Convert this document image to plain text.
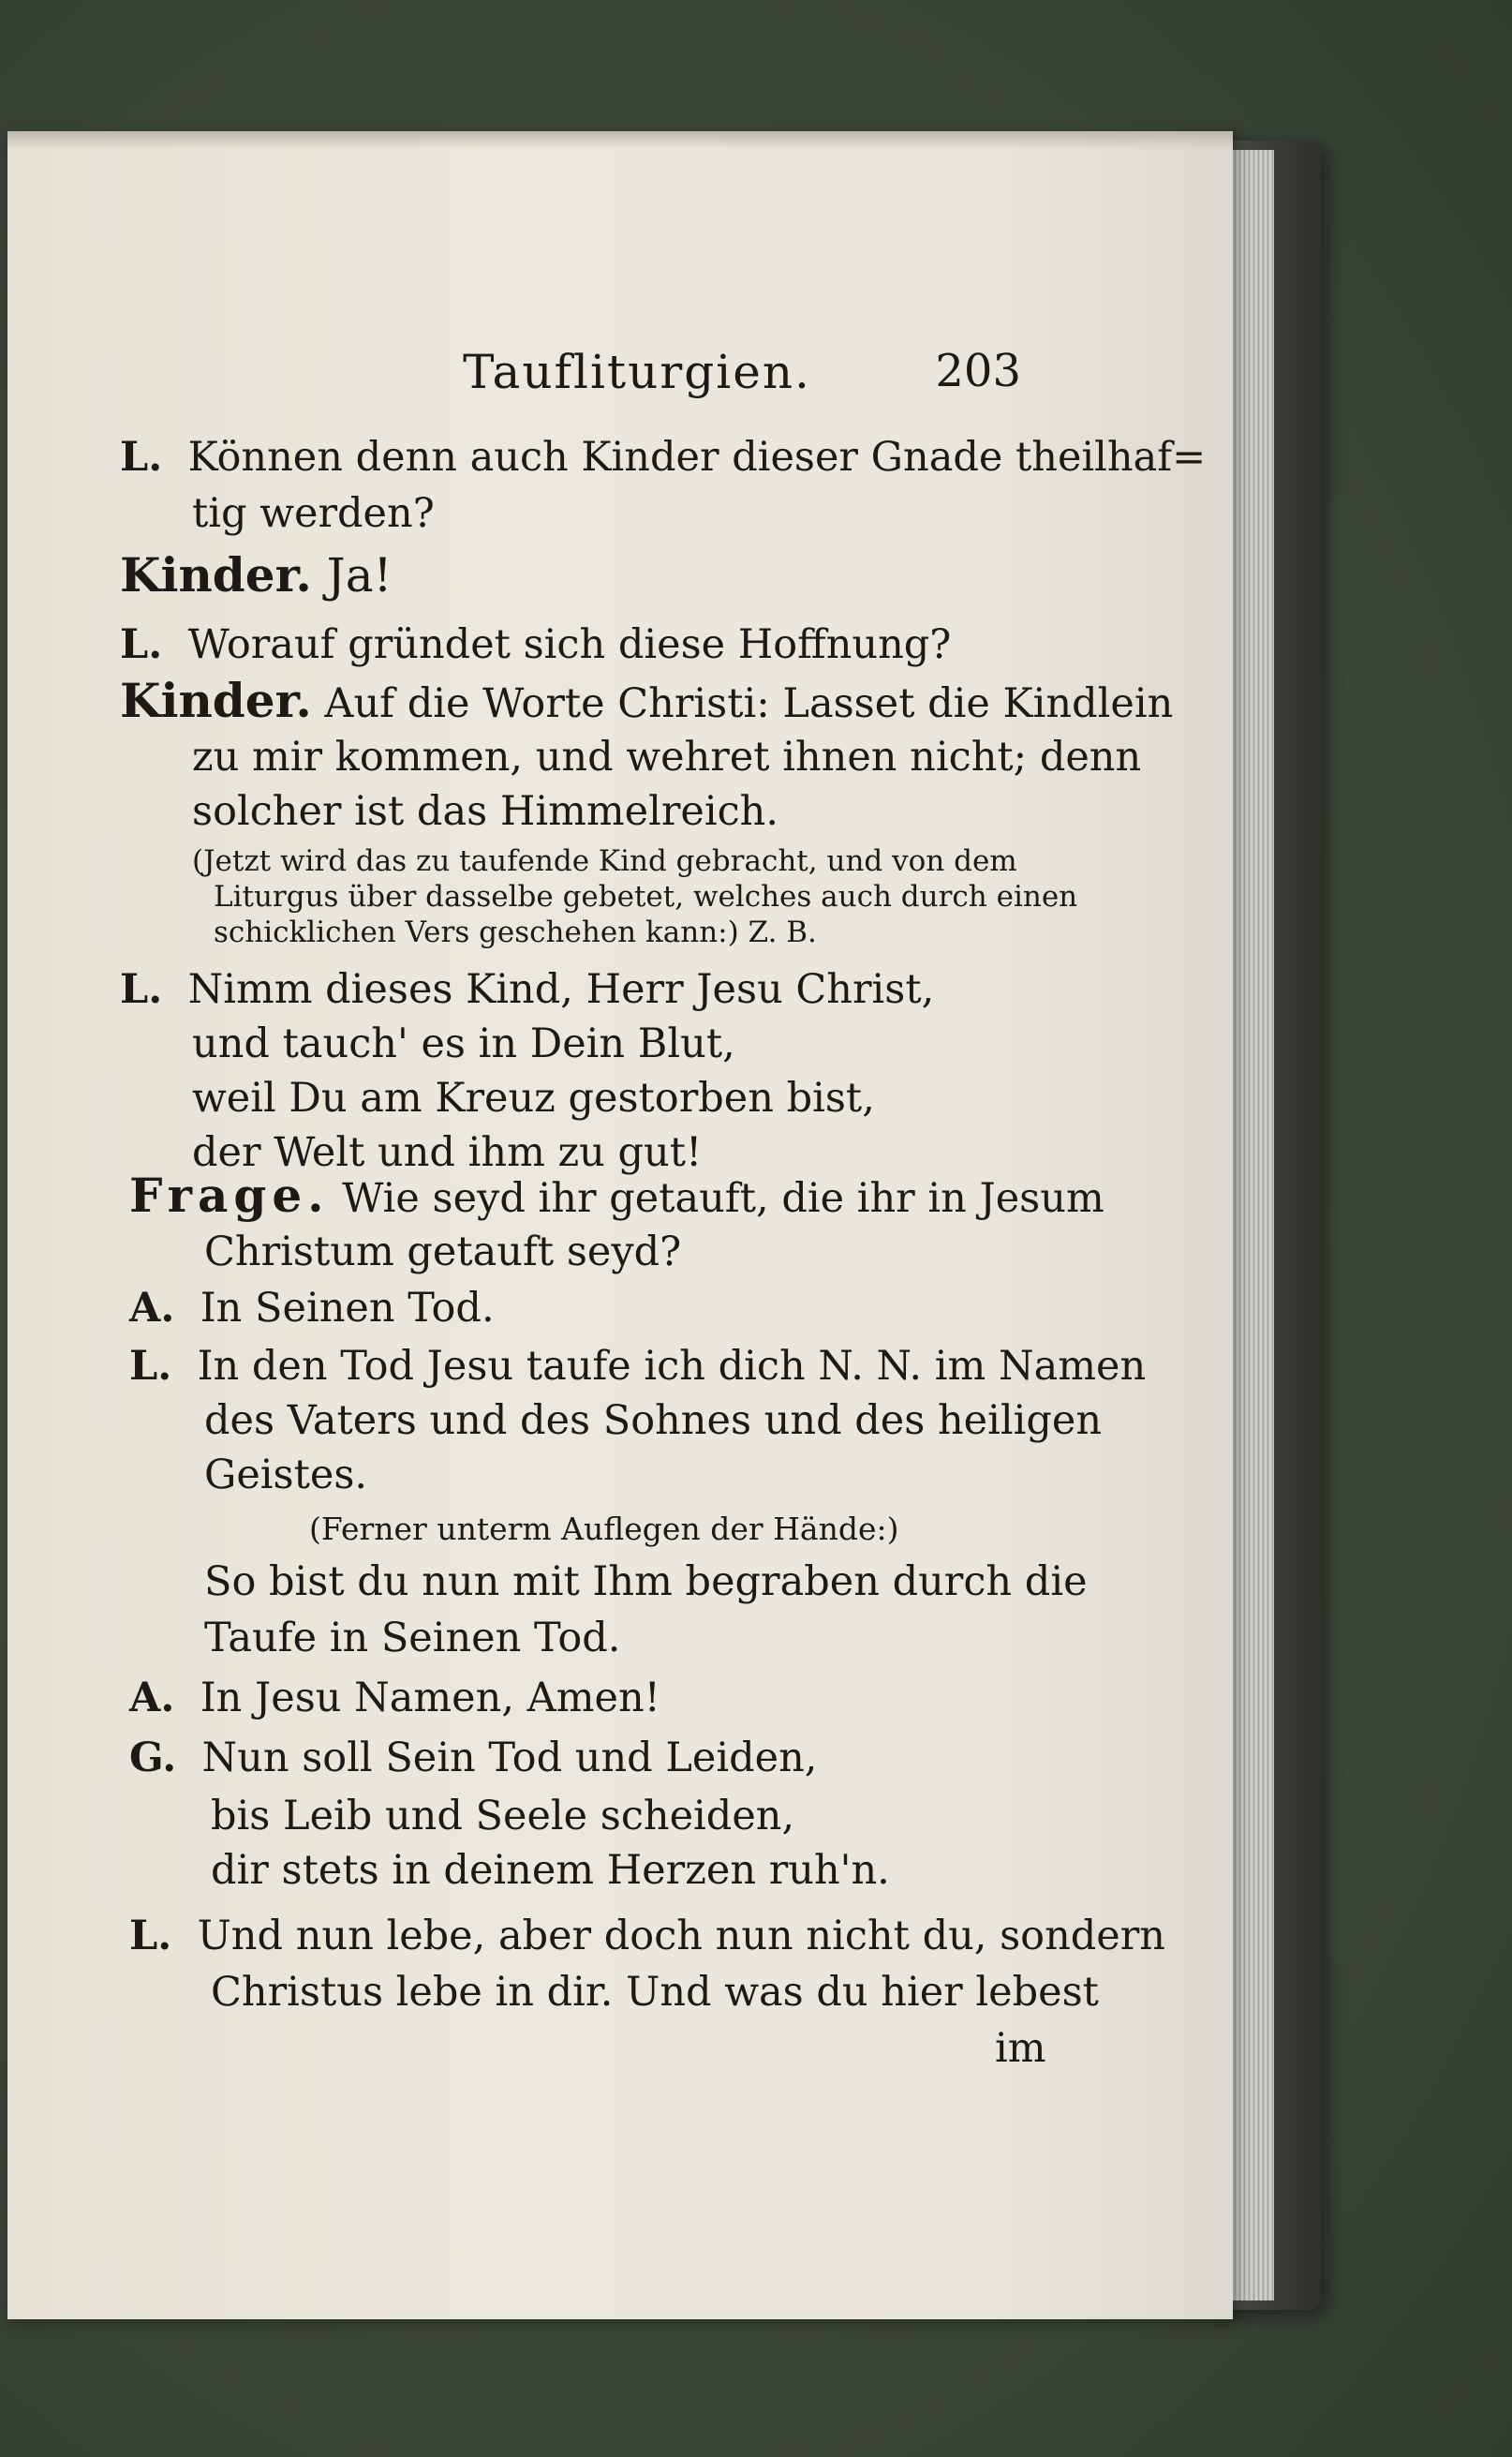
Taufliturgien.	203
L. Können denn auch Kinder dieser Gnade theilhaf=
tig werden?
Kinder. Ja!
L. Worauf gründet sich diese Hoffnung?
Kinder. Auf die Worte Christi: Lasset die Kindlein
zu mir kommen, und wehret ihnen nicht; denn
solcher ist das Himmelreich.
(Jetzt wird das zu taufende Kind gebracht, und von dem
Liturgus über dasselbe gebetet, welches auch durch einen
schicklichen Vers geschehen kann:) Z. B.
L. Nimm dieses Kind, Herr Jesu Christ,
und tauch' es in Dein Blut,
weil Du am Kreuz gestorben bist,
der Welt und ihm zu gut!
Frage. Wie seyd ihr getauft, die ihr in Jesum
Christum getauft seyd?
A. In Seinen Tod.
L. In den Tod Jesu taufe ich dich N. N. im Namen
des Vaters und des Sohnes und des heiligen
Geistes.
(Ferner unterm Auflegen der Hände:)
So bist du nun mit Ihm begraben durch die
Taufe in Seinen Tod.
A. In Jesu Namen, Amen!
G. Nun soll Sein Tod und Leiden,
bis Leib und Seele scheiden,
dir stets in deinem Herzen ruh'n.
L. Und nun lebe, aber doch nun nicht du, sondern
Christus lebe in dir. Und was du hier lebest
im
